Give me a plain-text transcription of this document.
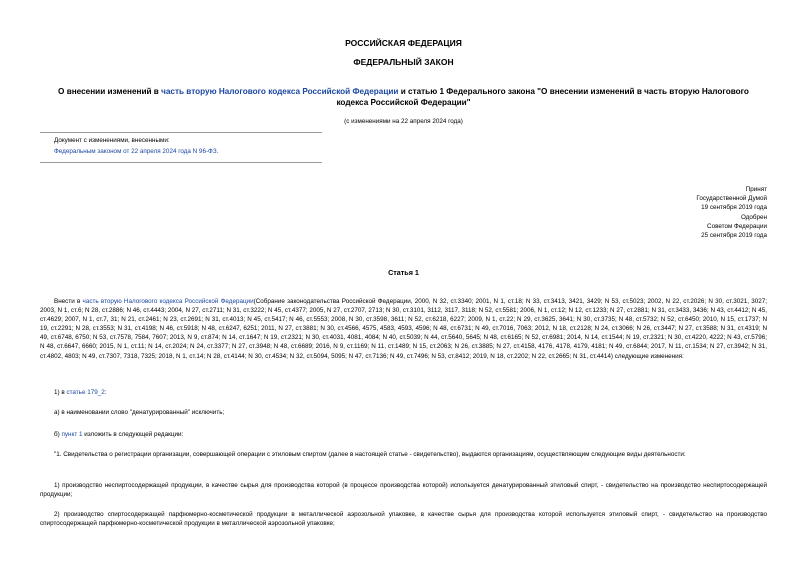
РОССИЙСКАЯ ФЕДЕРАЦИЯ
ФЕДЕРАЛЬНЫЙ ЗАКОН
О внесении изменений в часть вторую Налогового кодекса Российской Федерации и статью 1 Федерального закона "О внесении изменений в часть вторую Налогового кодекса Российской Федерации"
(с изменениями на 22 апреля 2024 года)
Документ с изменениями, внесенными:
Федеральным законом от 22 апреля 2024 года N 96-ФЗ.
Принят
Государственной Думой
19 сентября 2019 года
Одобрен
Советом Федерации
25 сентября 2019 года
Статья 1
Внести в часть вторую Налогового кодекса Российской Федерации(Собрание законодательства Российской Федерации, 2000, N 32, ст.3340; 2001, N 1, ст.18; N 33, ст.3413, 3421, 3429; N 53, ст.5023; 2002, N 22, ст.2026; N 30, ст.3021, 3027; 2003, N 1, ст.6; N 28, ст.2886; N 46, ст.4443; 2004, N 27, ст.2711; N 31, ст.3222; N 45, ст.4377; 2005, N 27, ст.2707, 2713; N 30, ст.3101, 3112, 3117, 3118; N 52, ст.5581; 2006, N 1, ст.12; N 12, ст.1233; N 27, ст.2881; N 31, ст.3433, 3436; N 43, ст.4412; N 45, ст.4629; 2007, N 1, ст.7, 31; N 21, ст.2461; N 23, ст.2691; N 31, ст.4013; N 45, ст.5417; N 46, ст.5553; 2008, N 30, ст.3598, 3611; N 52, ст.6218, 6227; 2009, N 1, ст.22; N 29, ст.3625, 3641; N 30, ст.3735; N 48, ст.5732; N 52, ст.6450; 2010, N 15, ст.1737; N 19, ст.2291; N 28, ст.3553; N 31, ст.4198; N 46, ст.5918; N 48, ст.6247, 6251; 2011, N 27, ст.3881; N 30, ст.4566, 4575, 4583, 4593, 4596; N 48, ст.6731; N 49, ст.7016, 7063; 2012, N 18, ст.2128; N 24, ст.3066; N 26, ст.3447; N 27, ст.3588; N 31, ст.4319; N 49, ст.6748, 6750; N 53, ст.7578, 7584, 7607; 2013, N 9, ст.874; N 14, ст.1647; N 19, ст.2321; N 30, ст.4031, 4081, 4084; N 40, ст.5039; N 44, ст.5640, 5645; N 48, ст.6165; N 52, ст.6981; 2014, N 14, ст.1544; N 19, ст.2321; N 30, ст.4220, 4222; N 43, ст.5796; N 48, ст.6647, 6660; 2015, N 1, ст.11; N 14, ст.2024; N 24, ст.3377; N 27, ст.3948; N 48, ст.6689; 2016, N 9, ст.1169; N 11, ст.1489; N 15, ст.2063; N 26, ст.3885; N 27, ст.4158, 4176, 4178, 4179, 4181; N 49, ст.6844; 2017, N 11, ст.1534; N 27, ст.3942; N 31, ст.4802, 4803; N 49, ст.7307, 7318, 7325; 2018, N 1, ст.14; N 28, ст.4144; N 30, ст.4534; N 32, ст.5094, 5095; N 47, ст.7136; N 49, ст.7496; N 53, ст.8412; 2019, N 18, ст.2202; N 22, ст.2665; N 31, ст.4414) следующие изменения:
1) в статье 179_2:
а) в наименовании слово "денатурированный" исключить;
б) пункт 1 изложить в следующей редакции:
"1. Свидетельства о регистрации организации, совершающей операции с этиловым спиртом (далее в настоящей статье - свидетельство), выдаются организациям, осуществляющим следующие виды деятельности:
1) производство неспиртосодержащей продукции, в качестве сырья для производства которой (в процессе производства которой) используется денатурированный этиловый спирт, - свидетельство на производство неспиртосодержащей продукции;
2) производство спиртосодержащей парфюмерно-косметической продукции в металлической аэрозольной упаковке, в качестве сырья для производства которой используется этиловый спирт, - свидетельство на производство спиртосодержащей парфюмерно-косметической продукции в металлической аэрозольной упаковке;
